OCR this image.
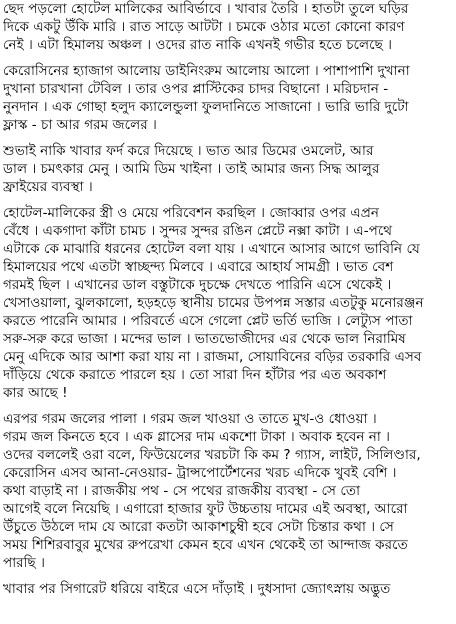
ছেদ পড়লো হোটেল মালিকের আবির্ভাবে । খাবার তৈরি । হাতটা তুলে ঘড়ির
দিকে একটু উঁকি মারি । রাত সাড়ে আটটা । চমকে ওঠার মতো কোনো কারণ
নেই । এটা হিমালয় অঞ্চল । ওদের রাত নাকি এখনই গভীর হতে চলেছে ।
কেরোসিনের হ্যাজাগ আলোয় ডাইনিংরুম আলোয় আলো । পাশাপাশি দুখানা
দুখানা চারখানা টেবিল । তার ওপর প্লাস্টিকের চাদর বিছানো । মরিচদান -
নুনদান । এক গোছা হলুদ ক্যালেন্ডুলা ফুলদানিতে সাজানো । ভারি ভারি দুটো
ফ্লাস্ক - চা আর গরম জলের ।
শুভাই নাকি খাবার ফর্দ করে দিয়েছে । ভাত আর ডিমের ওমলেট, আর
ডাল । চমৎকার মেনু । আমি ডিম খাইনা । তাই আমার জন্য সিদ্ধ আলুর
ফ্রাইয়ের ব্যবস্থা ।
হোটেল-মালিকের স্ত্রী ও মেয়ে পরিবেশন করছিল । জোব্বার ওপর এপ্রন
বেঁধে । একগাদা কাঁটা চামচ । সুন্দর সুন্দর রঙিন প্লেটে নক্সা কাটা । এ-পথে
এটাকে কে মাঝারি ধরনের হোটেল বলা যায় । এখানে আসার আগে ভাবিনি যে
হিমালয়ের পথে এতটা স্বাচ্ছন্দ্য মিলবে । এবারে আহার্য সামগ্রী । ভাত বেশ
গরমই ছিল । এখানের ডাল বস্তুটাকে দুচক্ষে দেখতে পারিনি এসে থেকেই ।
খেসাওয়ালা, ঝুলকালো, হড়হড়ে স্থানীয় চামের উপপন্ন সস্তার এতটুকু মনোরঞ্জন
করতে পারেনি আমার । পরিবর্তে এসে গেলো প্লেট ভর্তি ভাজি । লেট্যুস পাতা
সরু-সরু করে ভাজা । মন্দের ভাল । ভাতভোজীদের এর থেকে ভাল নিরামিষ
মেনু এদিকে আর আশা করা যায় না । রাজমা, সোয়াবিনের বড়ির তরকারি এসব
দাঁড়িয়ে থেকে করাতে পারলে হয় । তো সারা দিন হাঁটার পর এত অবকাশ
কার আছে !
এরপর গরম জলের পালা । গরম জল খাওয়া ও তাতে মুখ-ও ধোওয়া ।
গরম জল কিনতে হবে । এক গ্লাসের দাম একশো টাকা । অবাক হবেন না ।
ওদের বললেই ওরা বলে, ফিউয়েলের খরচটা কি কম ? গ্যাস, লাইট, সিলিণ্ডার,
কেরোসিন এসব আনা-নেওয়ার- ট্রান্সপোর্টেশনের খরচ এদিকে খুবই বেশি ।
কথা বাড়াই না । রাজকীয় পথ - সে পথের রাজকীয় ব্যবস্থা - সে তো
আগেই বলে নিয়েছি । এগারো হাজার ফুট উচ্চতায় দামের এই অবস্থা, আরো
উঁচুতে উঠলে দাম যে আরো কতটা আকাশচুম্বী হবে সেটা চিন্তার কথা । সে
সময় শিশিরবাবুর মুখের রুপরেখা কেমন হবে এখন থেকেই তা আন্দাজ করতে
পারছি ।
খাবার পর সিগারেট ধরিয়ে বাইরে এসে দাঁড়াই । দুধসাদা জ্যোৎস্নায় অদ্ভুত
